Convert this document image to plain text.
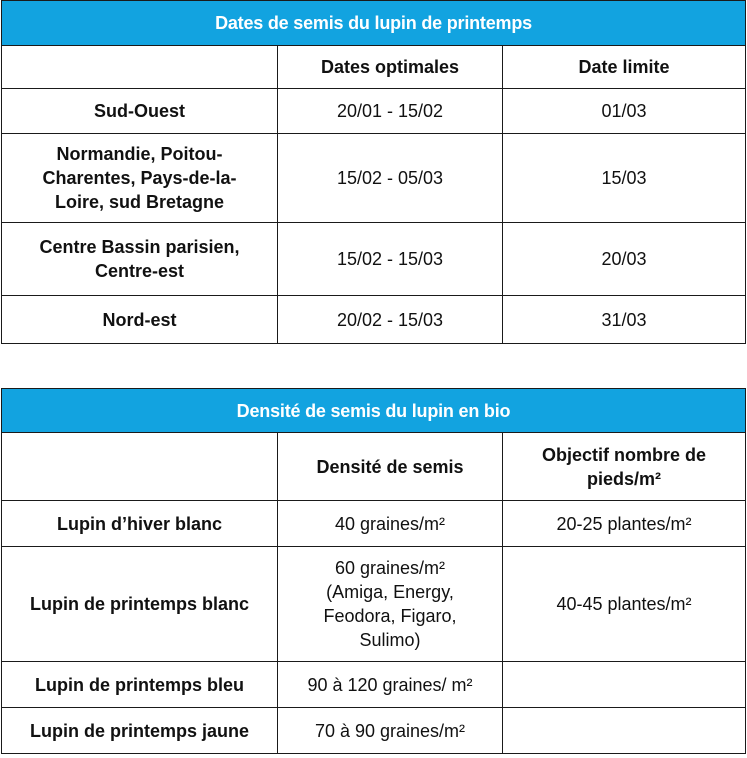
Dates de semis du lupin de printemps		
	Dates optimales	Date limite
Sud-Ouest	20/01 - 15/02	01/03
Normandie, Poitou-Charentes, Pays-de-la-Loire, sud Bretagne	15/02 - 05/03	15/03
Centre Bassin parisien, Centre-est	15/02 - 15/03	20/03
Nord-est	20/02 - 15/03	31/03
Densité de semis du lupin en bio		
	Densité de semis	Objectif nombre de pieds/m²
Lupin d’hiver blanc	40 graines/m²	20-25 plantes/m²
Lupin de printemps blanc	60 graines/m² (Amiga, Energy, Feodora, Figaro, Sulimo)	40-45 plantes/m²
Lupin de printemps bleu	90 à 120 graines/ m²	
Lupin de printemps jaune	70 à 90 graines/m²	
